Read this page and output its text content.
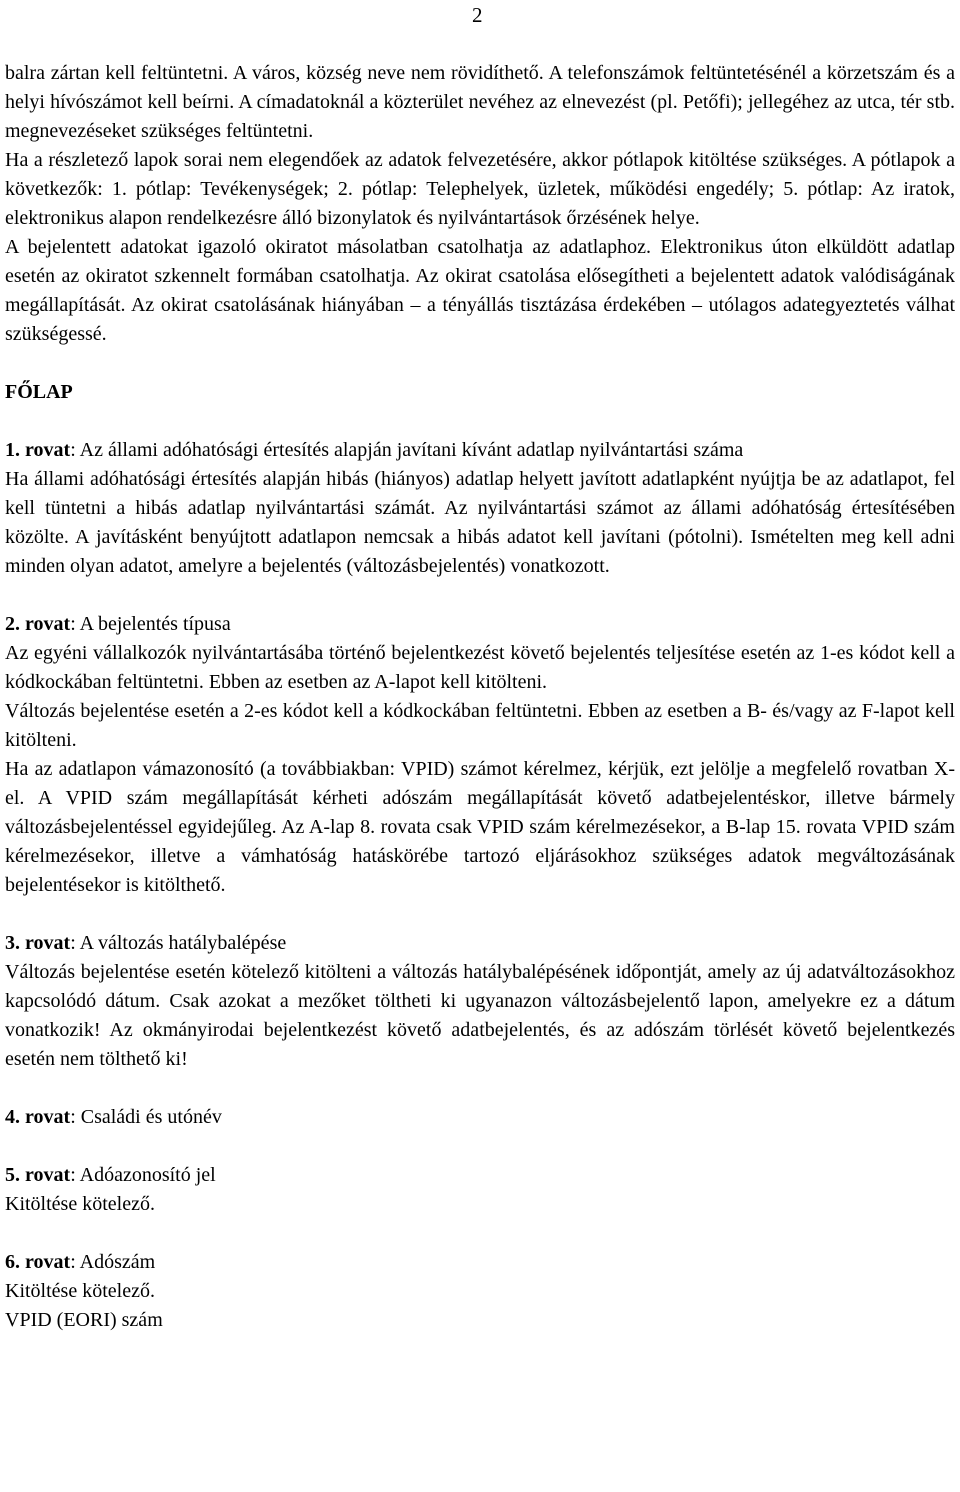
2

balra zártan kell feltüntetni. A város, község neve nem rövidíthető. A telefonszámok feltüntetésénél a körzetszám és a helyi hívószámot kell beírni. A címadatoknál a közterület nevéhez az elnevezést (pl. Petőfi); jellegéhez az utca, tér stb. megnevezéseket szükséges feltüntetni.

Ha a részletező lapok sorai nem elegendőek az adatok felvezetésére, akkor pótlapok kitöltése szükséges. A pótlapok a következők: 1. pótlap: Tevékenységek; 2. pótlap: Telephelyek, üzletek, működési engedély; 5. pótlap: Az iratok, elektronikus alapon rendelkezésre álló bizonylatok és nyilvántartások őrzésének helye.

A bejelentett adatokat igazoló okiratot másolatban csatolhatja az adatlaphoz. Elektronikus úton elküldött adatlap esetén az okiratot szkennelt formában csatolhatja. Az okirat csatolása elősegítheti a bejelentett adatok valódiságának megállapítását. Az okirat csatolásának hiányában – a tényállás tisztázása érdekében – utólagos adategyeztetés válhat szükségessé.

FŐLAP

1. rovat: Az állami adóhatósági értesítés alapján javítani kívánt adatlap nyilvántartási száma

Ha állami adóhatósági értesítés alapján hibás (hiányos) adatlap helyett javított adatlapként nyújtja be az adatlapot, fel kell tüntetni a hibás adatlap nyilvántartási számát. Az nyilvántartási számot az állami adóhatóság értesítésében közölte. A javításként benyújtott adatlapon nemcsak a hibás adatot kell javítani (pótolni). Ismételten meg kell adni minden olyan adatot, amelyre a bejelentés (változásbejelentés) vonatkozott.

2. rovat: A bejelentés típusa

Az egyéni vállalkozók nyilvántartásába történő bejelentkezést követő bejelentés teljesítése esetén az 1-es kódot kell a kódkockában feltüntetni. Ebben az esetben az A-lapot kell kitölteni.

Változás bejelentése esetén a 2-es kódot kell a kódkockában feltüntetni. Ebben az esetben a B- és/vagy az F-lapot kell kitölteni.

Ha az adatlapon vámazonosító (a továbbiakban: VPID) számot kérelmez, kérjük, ezt jelölje a megfelelő rovatban X-el. A VPID szám megállapítását kérheti adószám megállapítását követő adatbejelentéskor, illetve bármely változásbejelentéssel egyidejűleg. Az A-lap 8. rovata csak VPID szám kérelmezésekor, a B-lap 15. rovata VPID szám kérelmezésekor, illetve a vámhatóság hatáskörébe tartozó eljárásokhoz szükséges adatok megváltozásának bejelentésekor is kitölthető.

3. rovat: A változás hatálybalépése

Változás bejelentése esetén kötelező kitölteni a változás hatálybalépésének időpontját, amely az új adatváltozásokhoz kapcsolódó dátum. Csak azokat a mezőket töltheti ki ugyanazon változásbejelentő lapon, amelyekre ez a dátum vonatkozik! Az okmányirodai bejelentkezést követő adatbejelentés, és az adószám törlését követő bejelentkezés esetén nem tölthető ki!

4. rovat: Családi és utónév

5. rovat: Adóazonosító jel

Kitöltése kötelező.

6. rovat: Adószám

Kitöltése kötelező.

VPID (EORI) szám
